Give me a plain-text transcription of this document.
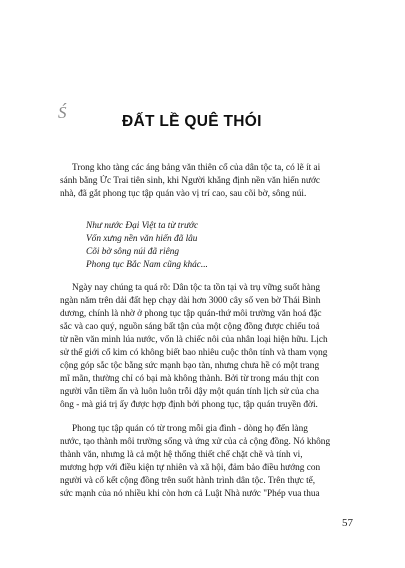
Ś	ĐẤT LỀ QUÊ THÓI
Trong kho tàng các áng bảng văn thiên cổ của dân tộc ta, có lẽ ít ai
sánh bằng Ức Trai tiên sinh, khi Người khẳng định nền văn hiến nước
nhà, đã gắt phong tục tập quán vào vị trí cao, sau cõi bờ, sông núi.
Như nước Đại Việt ta từ trước
Vốn xưng nền văn hiến đã lâu
Cõi bờ sông núi đã riêng
Phong tục Bắc Nam cũng khác...
Ngày nay chúng ta quá rõ: Dân tộc ta tồn tại và trụ vững suốt hàng
ngàn năm trên dải đất hẹp chạy dài hơn 3000 cây số ven bờ Thái Bình
dương, chính là nhờ ở phong tục tập quán-thứ môi trường văn hoá đặc
sắc và cao quý, nguồn sáng bất tận của một cộng đồng được chiếu toả
từ nền văn minh lúa nước, vốn là chiếc nôi của nhân loại hiện hữu. Lịch
sử thế giới cổ kim có không biết bao nhiêu cuộc thôn tính và tham vọng
cộng góp sắc tộc bằng sức mạnh bạo tàn, nhưng chưa hề có một trang
mĩ mãn, thường chỉ có bại mà không thành. Bởi từ trong máu thịt con
người vẫn tiềm ẩn và luôn luôn trỗi dậy một quán tính lịch sử của cha
ông - mà giá trị ấy được hợp định bởi phong tục, tập quán truyền đời.
Phong tục tập quán có từ trong mỗi gia đình - dòng họ đến làng
nước, tạo thành môi trường sống và ứng xử của cả cộng đồng. Nó không
thành văn, nhưng là cả một hệ thống thiết chế chặt chẽ và tính vi,
mương hợp với điều kiện tự nhiên và xã hội, đảm bảo điều hướng con
người và cố kết cộng đồng trên suốt hành trình dân tộc. Trên thực tế,
sức mạnh của nó nhiều khi còn hơn cả Luật Nhà nước "Phép vua thua
57
